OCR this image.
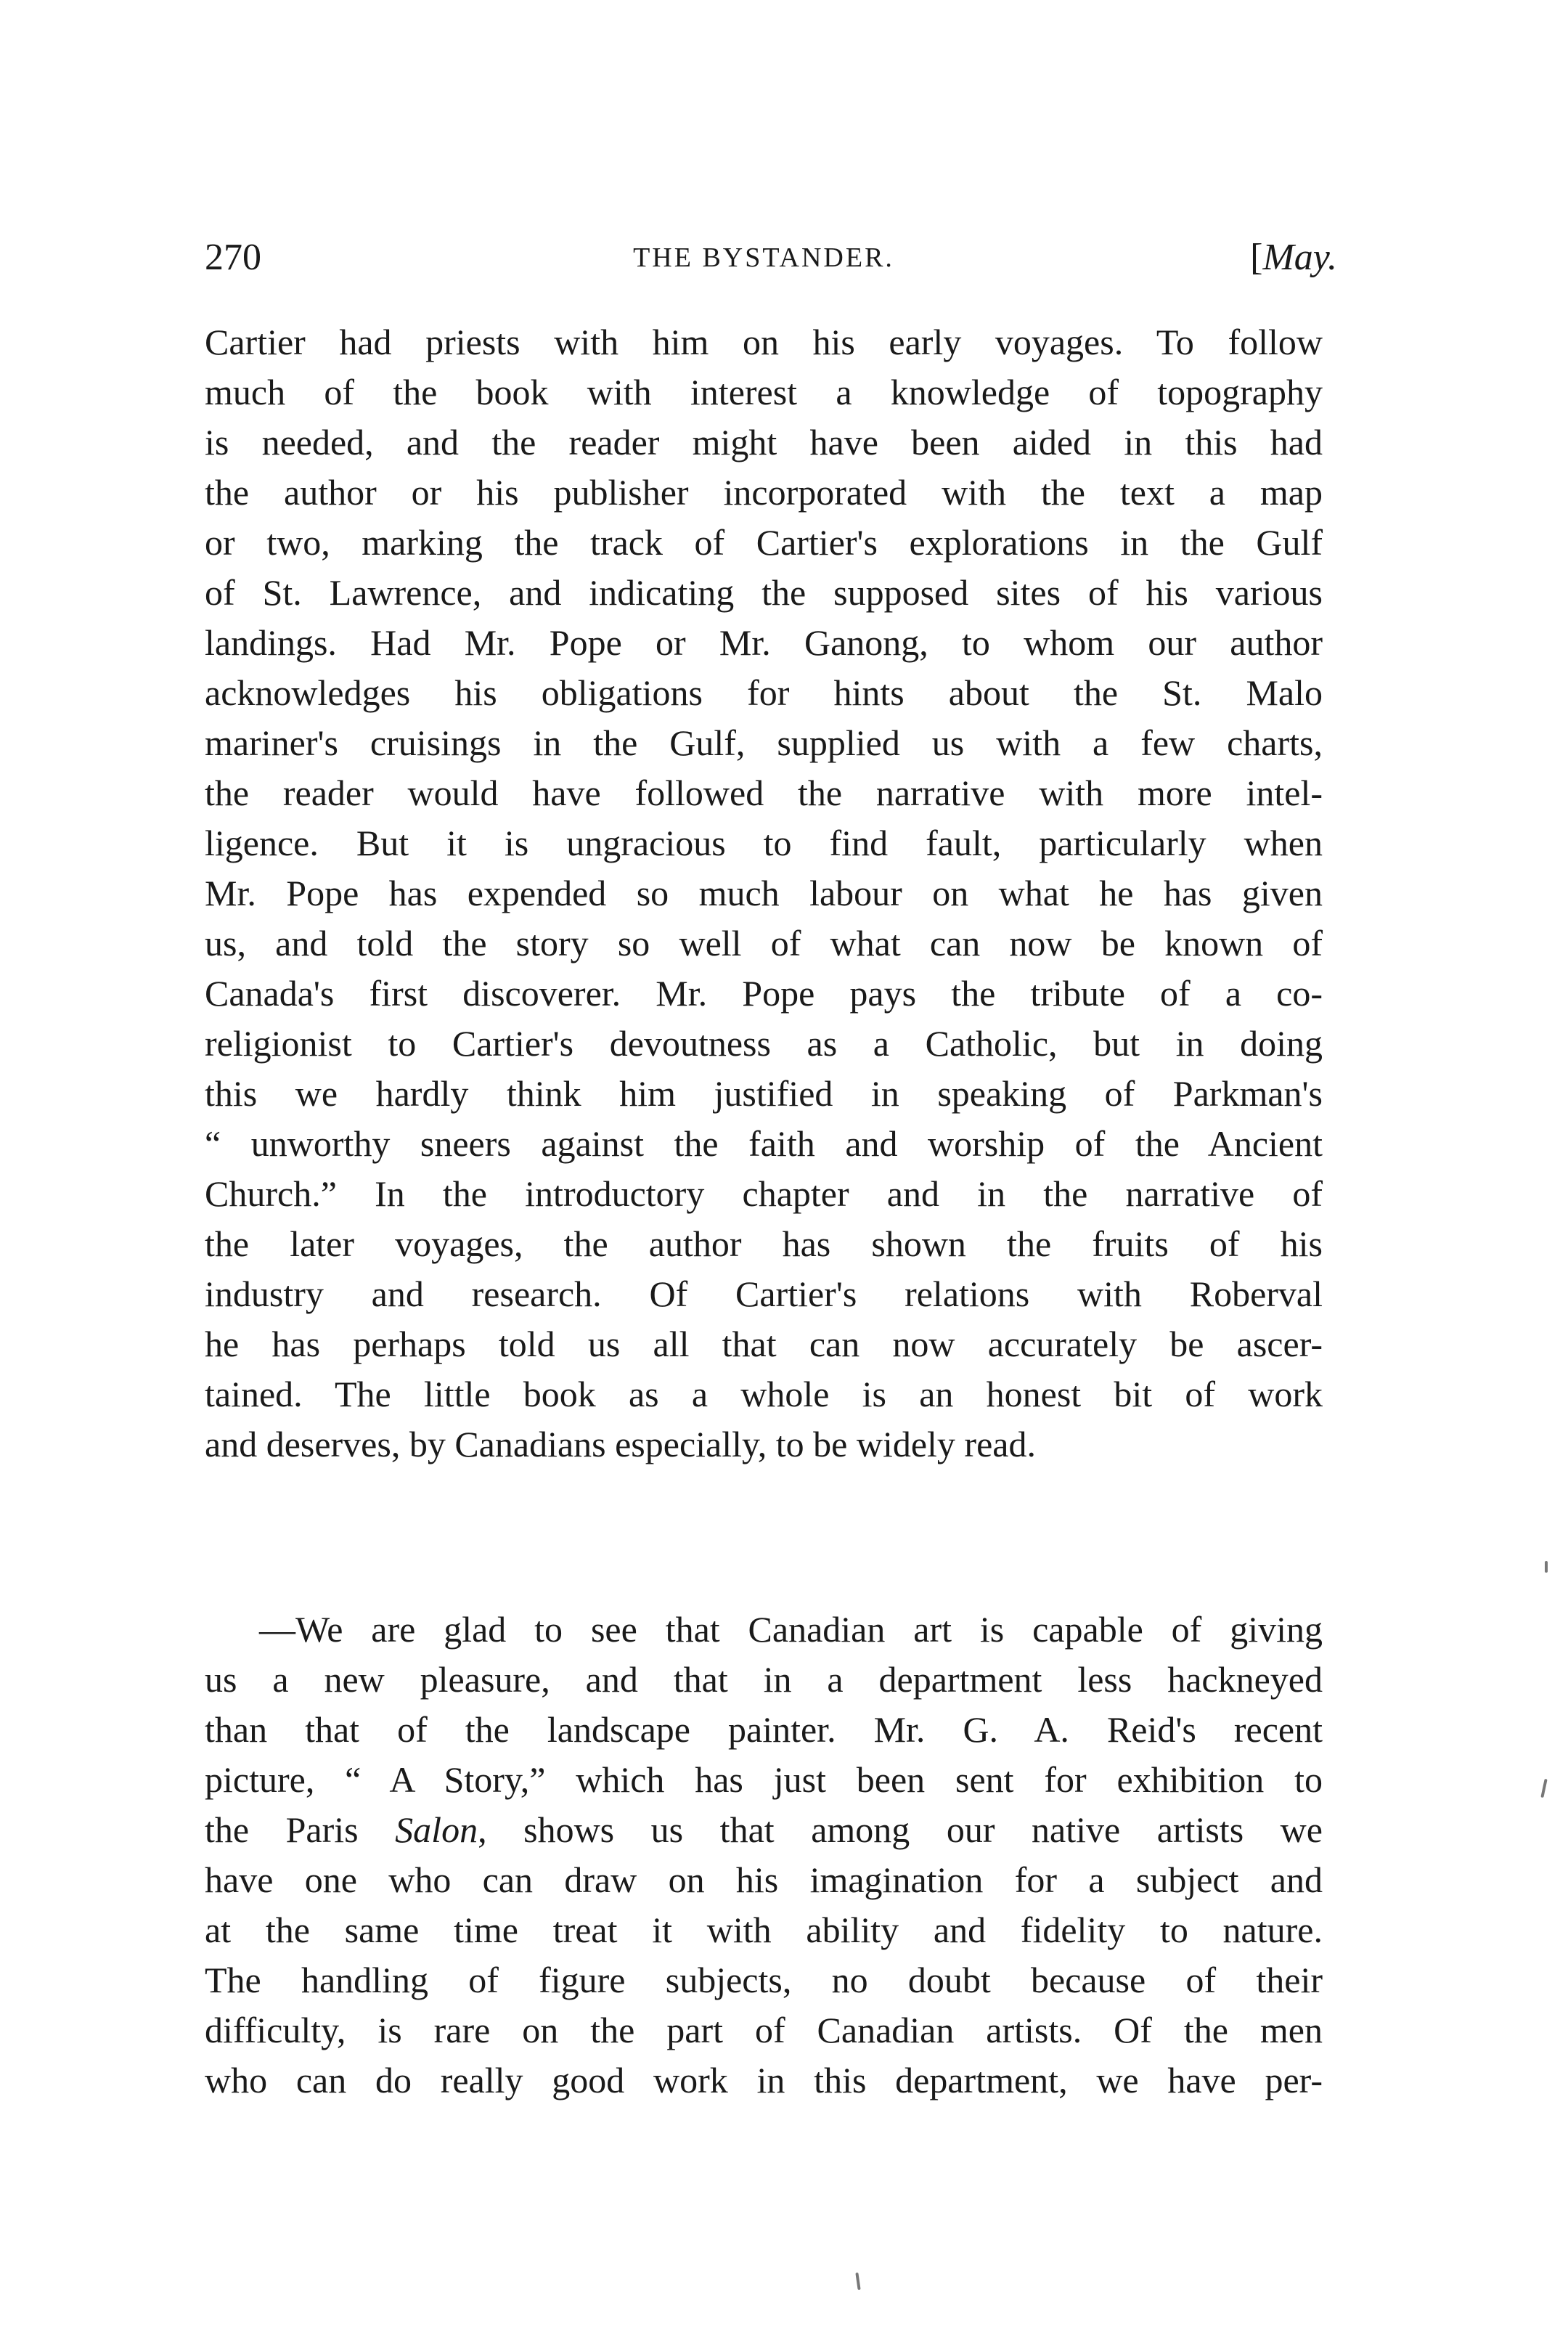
270	THE BYSTANDER.	[May.
Cartier had priests with him on his early voyages. To follow
much of the book with interest a knowledge of topography
is needed, and the reader might have been aided in this had
the author or his publisher incorporated with the text a map
or two, marking the track of Cartier's explorations in the Gulf
of St. Lawrence, and indicating the supposed sites of his various
landings. Had Mr. Pope or Mr. Ganong, to whom our author
acknowledges his obligations for hints about the St. Malo
mariner's cruisings in the Gulf, supplied us with a few charts,
the reader would have followed the narrative with more intel-
ligence. But it is ungracious to find fault, particularly when
Mr. Pope has expended so much labour on what he has given
us, and told the story so well of what can now be known of
Canada's first discoverer. Mr. Pope pays the tribute of a co-
religionist to Cartier's devoutness as a Catholic, but in doing
this we hardly think him justified in speaking of Parkman's
“ unworthy sneers against the faith and worship of the Ancient
Church.” In the introductory chapter and in the narrative of
the later voyages, the author has shown the fruits of his
industry and research. Of Cartier's relations with Roberval
he has perhaps told us all that can now accurately be ascer-
tained. The little book as a whole is an honest bit of work
and deserves, by Canadians especially, to be widely read.
—We are glad to see that Canadian art is capable of giving
us a new pleasure, and that in a department less hackneyed
than that of the landscape painter. Mr. G. A. Reid's recent
picture, “ A Story,” which has just been sent for exhibition to
the Paris Salon, shows us that among our native artists we
have one who can draw on his imagination for a subject and
at the same time treat it with ability and fidelity to nature.
The handling of figure subjects, no doubt because of their
difficulty, is rare on the part of Canadian artists. Of the men
who can do really good work in this department, we have per-
